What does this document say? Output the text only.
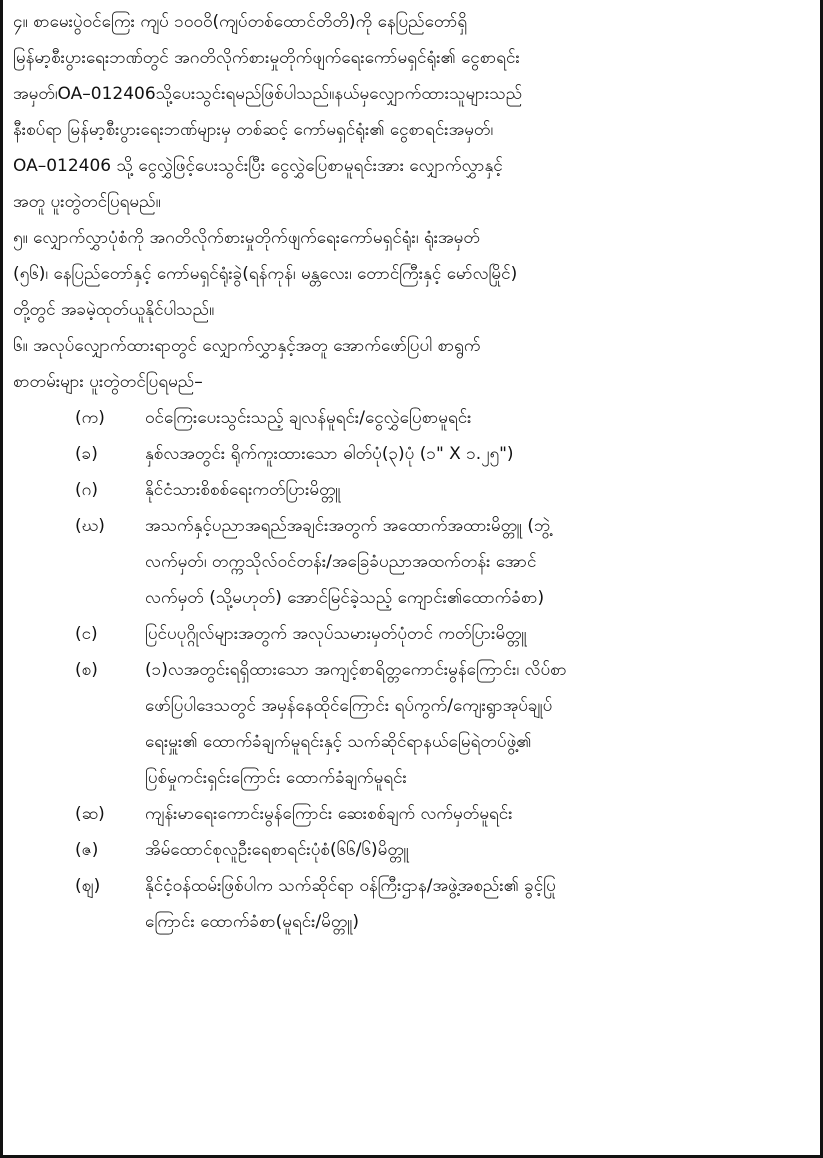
၄။ စာမေးပွဲဝင်ကြေး ကျပ် ၁၀၀၀ိ(ကျပ်တစ်ထောင်တိတိ)ကို နေပြည်တော်ရှိ
မြန်မာ့စီးပွားရေးဘဏ်တွင် အဂတိလိုက်စားမှုတိုက်ဖျက်ရေးကော်မရှင်ရုံး၏ ငွေစာရင်း
အမှတ်၊OA–012406သို့ပေးသွင်းရမည်ဖြစ်ပါသည်။နယ်မှလျှောက်ထားသူများသည်
နီးစပ်ရာ မြန်မာ့စီးပွားရေးဘဏ်များမှ တစ်ဆင့် ကော်မရှင်ရုံး၏ ငွေစာရင်းအမှတ်၊
OA–012406 သို့ ငွေလွှဲဖြင့်ပေးသွင်းပြီး ငွေလွှဲပြေစာမူရင်းအား လျှောက်လွှာနှင့်
အတူ ပူးတွဲတင်ပြရမည်။
၅။ လျှောက်လွှာပုံစံကို အဂတိလိုက်စားမှုတိုက်ဖျက်ရေးကော်မရှင်ရုံး၊ ရုံးအမှတ်
(၅၆)၊ နေပြည်တော်နှင့် ကော်မရှင်ရုံးခွဲ(ရန်ကုန်၊ မန္တလေး၊ တောင်ကြီးနှင့် မော်လမြိုင်)
တို့တွင် အခမဲ့ထုတ်ယူနိုင်ပါသည်။
၆။ အလုပ်လျှောက်ထားရာတွင် လျှောက်လွှာနှင့်အတူ အောက်ဖော်ပြပါ စာရွက်
စာတမ်းများ ပူးတွဲတင်ပြရမည်–
(က)	ဝင်ကြေးပေးသွင်းသည့် ချလန်မူရင်း/ငွေလွှဲပြေစာမူရင်း
(ခ)	နှစ်လအတွင်း ရိုက်ကူးထားသော ဓါတ်ပုံ(၃)ပုံ (၁" X ၁.၂၅")
(ဂ)	နိုင်ငံသားစိစစ်ရေးကတ်ပြားမိတ္တူ
(ဃ)	အသက်နှင့်ပညာအရည်အချင်းအတွက် အထောက်အထားမိတ္တူ (ဘွဲ့
လက်မှတ်၊ တက္ကသိုလ်ဝင်တန်း/အခြေခံပညာအထက်တန်း အောင်
လက်မှတ် (သို့မဟုတ်) အောင်မြင်ခဲ့သည့် ကျောင်း၏ထောက်ခံစာ)
(င)	ပြင်ပပုဂ္ဂိုလ်များအတွက် အလုပ်သမားမှတ်ပုံတင် ကတ်ပြားမိတ္တူ
(စ)	(၁)လအတွင်းရရှိထားသော အကျင့်စာရိတ္တကောင်းမွန်ကြောင်း၊ လိပ်စာ
ဖော်ပြပါဒေသတွင် အမှန်နေထိုင်ကြောင်း ရပ်ကွက်/ကျေးရွာအုပ်ချုပ်
ရေးမှူး၏ ထောက်ခံချက်မူရင်းနှင့် သက်ဆိုင်ရာနယ်မြေရဲတပ်ဖွဲ့၏
ပြစ်မှုကင်းရှင်းကြောင်း ထောက်ခံချက်မူရင်း
(ဆ)	ကျန်းမာရေးကောင်းမွန်ကြောင်း ဆေးစစ်ချက် လက်မှတ်မူရင်း
(ဇ)	အိမ်ထောင်စုလူဦးရေစာရင်းပုံစံ(၆၆/၆)မိတ္တူ
(ဈ)	နိုင်ငံ့ဝန်ထမ်းဖြစ်ပါက သက်ဆိုင်ရာ ဝန်ကြီးဌာန/အဖွဲ့အစည်း၏ ခွင့်ပြု
ကြောင်း ထောက်ခံစာ(မူရင်း/မိတ္တူ)
